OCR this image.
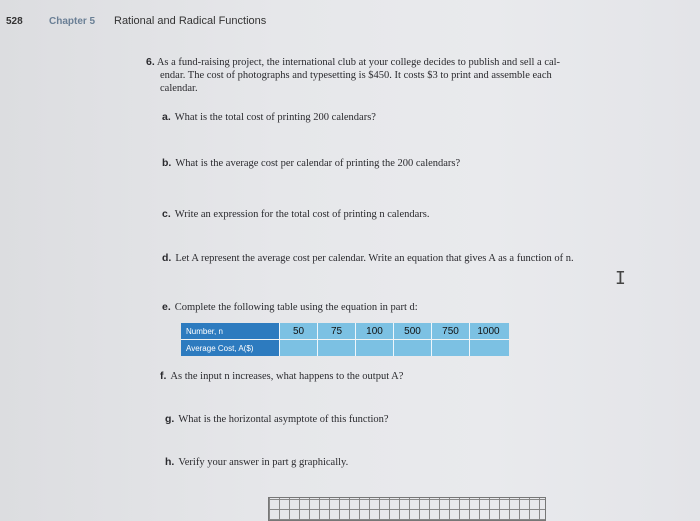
528	Chapter 5 Rational and Radical Functions
6. As a fund-raising project, the international club at your college decides to publish and sell a cal-
endar. The cost of photographs and typesetting is $450. It costs $3 to print and assemble each
calendar.
a. What is the total cost of printing 200 calendars?
b. What is the average cost per calendar of printing the 200 calendars?
c. Write an expression for the total cost of printing n calendars.
d. Let A represent the average cost per calendar. Write an equation that gives A as a function of n.
I
e. Complete the following table using the equation in part d:
Number, n	50	75	100	500	750	1000
Average Cost, A($)
f. As the input n increases, what happens to the output A?
g. What is the horizontal asymptote of this function?
h. Verify your answer in part g graphically.
